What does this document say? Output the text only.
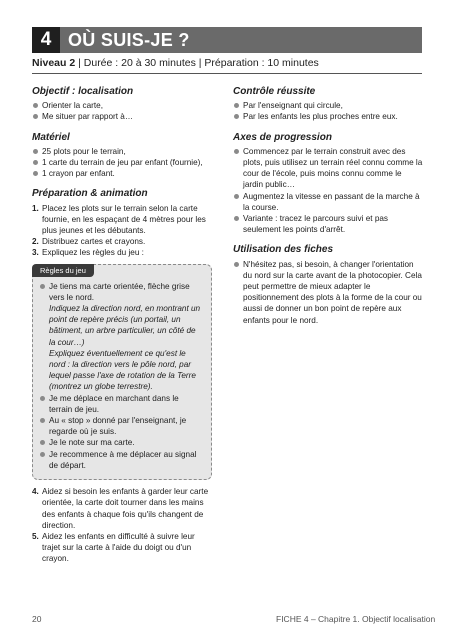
4 OÙ SUIS-JE ?
Niveau 2 | Durée : 20 à 30 minutes | Préparation : 10 minutes
Objectif : localisation
Orienter la carte,
Me situer par rapport à…
Matériel
25 plots pour le terrain,
1 carte du terrain de jeu par enfant (fournie),
1 crayon par enfant.
Préparation & animation
1. Placez les plots sur le terrain selon la carte fournie, en les espaçant de 4 mètres pour les plus jeunes et les débutants.
2. Distribuez cartes et crayons.
3. Expliquez les règles du jeu :
Règles du jeu
Je tiens ma carte orientée, flèche grise vers le nord.
Indiquez la direction nord, en montrant un point de repère précis (un portail, un bâtiment, un arbre particulier, un côté de la cour…)
Expliquez éventuellement ce qu'est le nord : la direction vers le pôle nord, par lequel passe l'axe de rotation de la Terre (montrez un globe terrestre).
Je me déplace en marchant dans le terrain de jeu.
Au « stop » donné par l'enseignant, je regarde où je suis.
Je le note sur ma carte.
Je recommence à me déplacer au signal de départ.
4. Aidez si besoin les enfants à garder leur carte orientée, la carte doit tourner dans les mains des enfants à chaque fois qu'ils changent de direction.
5. Aidez les enfants en difficulté à suivre leur trajet sur la carte à l'aide du doigt ou d'un crayon.
Contrôle réussite
Par l'enseignant qui circule,
Par les enfants les plus proches entre eux.
Axes de progression
Commencez par le terrain construit avec des plots, puis utilisez un terrain réel connu comme la cour de l'école, puis moins connu comme le jardin public…
Augmentez la vitesse en passant de la marche à la course.
Variante : tracez le parcours suivi et pas seulement les points d'arrêt.
Utilisation des fiches
N'hésitez pas, si besoin, à changer l'orientation du nord sur la carte avant de la photocopier. Cela peut permettre de mieux adapter le positionnement des plots à la forme de la cour ou aussi de donner un bon point de repère aux enfants pour le nord.
20	FICHE 4 – Chapitre 1. Objectif localisation
